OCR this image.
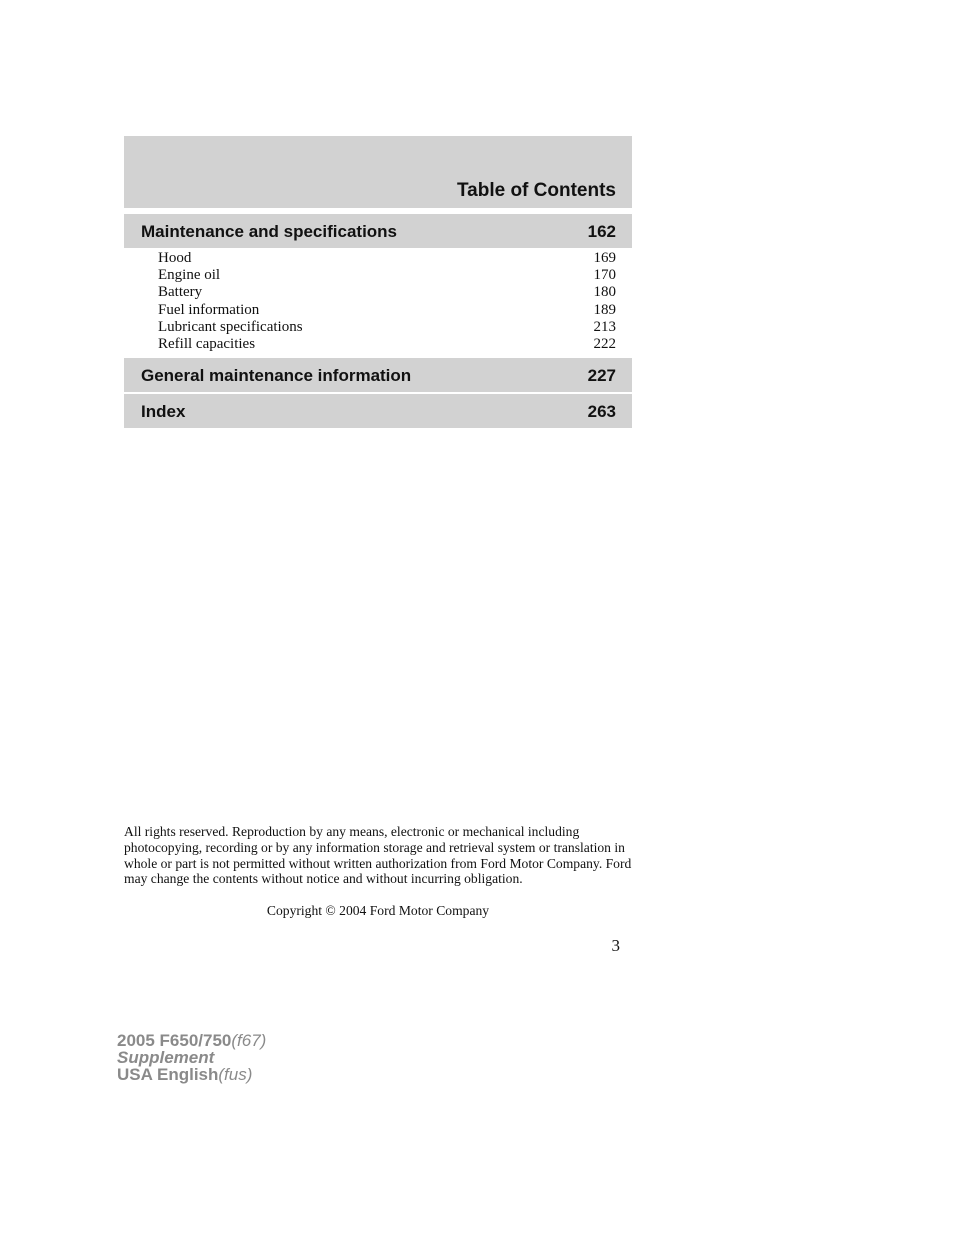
Table of Contents
Maintenance and specifications	162
Hood	169
Engine oil	170
Battery	180
Fuel information	189
Lubricant specifications	213
Refill capacities	222
General maintenance information	227
Index	263

All rights reserved. Reproduction by any means, electronic or mechanical including photocopying, recording or by any information storage and retrieval system or translation in whole or part is not permitted without written authorization from Ford Motor Company. Ford may change the contents without notice and without incurring obligation.

Copyright © 2004 Ford Motor Company

3
2005 F650/750(f67)
Supplement
USA English(fus)
